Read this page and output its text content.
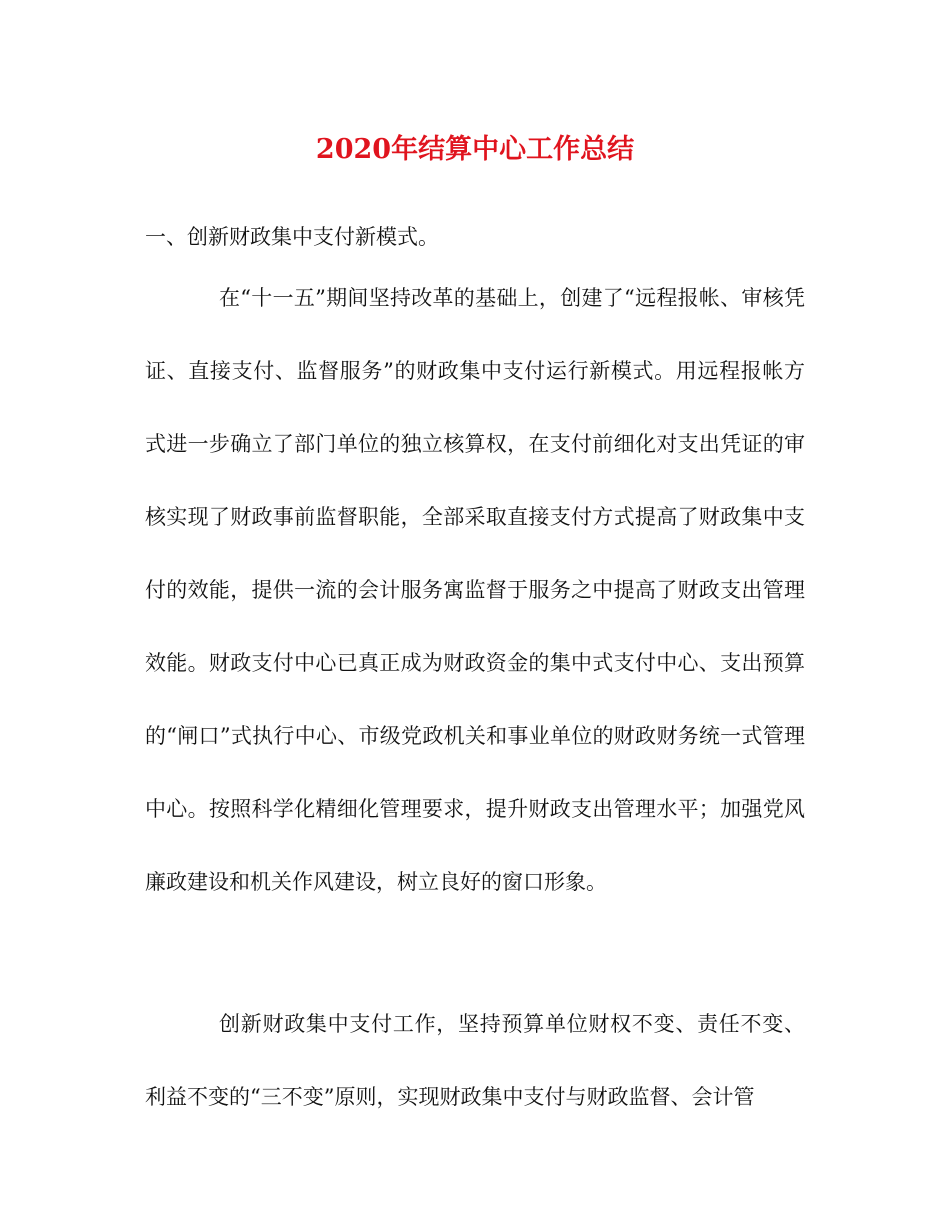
2020年结算中心工作总结

一、创新财政集中支付新模式。

在“十一五”期间坚持改革的基础上，创建了“远程报帐、审核凭证、直接支付、监督服务”的财政集中支付运行新模式。用远程报帐方式进一步确立了部门单位的独立核算权，在支付前细化对支出凭证的审核实现了财政事前监督职能，全部采取直接支付方式提高了财政集中支付的效能，提供一流的会计服务寓监督于服务之中提高了财政支出管理效能。财政支付中心已真正成为财政资金的集中式支付中心、支出预算的“闸口”式执行中心、市级党政机关和事业单位的财政财务统一式管理中心。按照科学化精细化管理要求，提升财政支出管理水平；加强党风廉政建设和机关作风建设，树立良好的窗口形象。

创新财政集中支付工作，坚持预算单位财权不变、责任不变、利益不变的“三不变”原则，实现财政集中支付与财政监督、会计管
